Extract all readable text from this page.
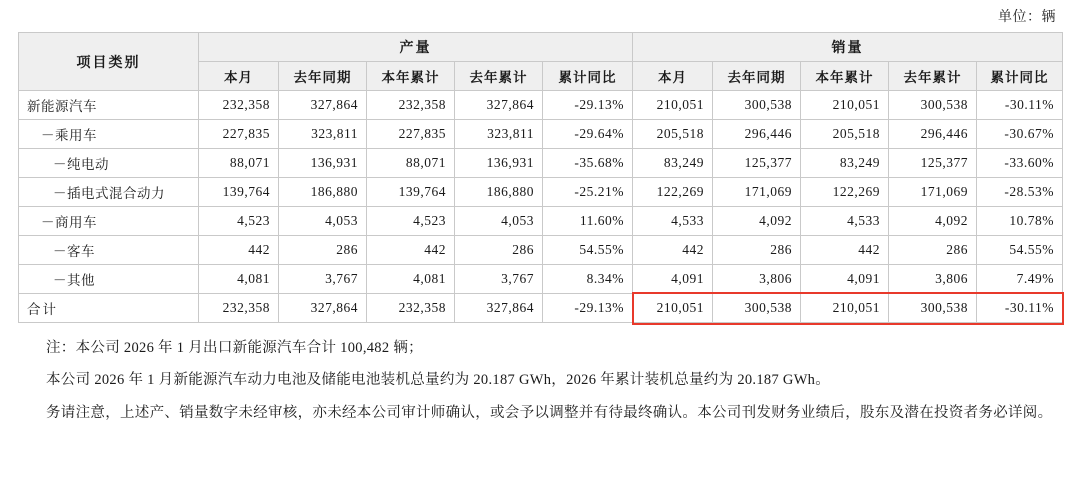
单位：辆
项目类别	产量					销量				
	本月	去年同期	本年累计	去年累计	累计同比	本月	去年同期	本年累计	去年累计	累计同比
新能源汽车	232,358	327,864	232,358	327,864	-29.13%	210,051	300,538	210,051	300,538	-30.11%
－乘用车	227,835	323,811	227,835	323,811	-29.64%	205,518	296,446	205,518	296,446	-30.67%
－纯电动	88,071	136,931	88,071	136,931	-35.68%	83,249	125,377	83,249	125,377	-33.60%
－插电式混合动力	139,764	186,880	139,764	186,880	-25.21%	122,269	171,069	122,269	171,069	-28.53%
－商用车	4,523	4,053	4,523	4,053	11.60%	4,533	4,092	4,533	4,092	10.78%
－客车	442	286	442	286	54.55%	442	286	442	286	54.55%
－其他	4,081	3,767	4,081	3,767	8.34%	4,091	3,806	4,091	3,806	7.49%
合计	232,358	327,864	232,358	327,864	-29.13%	210,051	300,538	210,051	300,538	-30.11%

注：本公司 2026 年 1 月出口新能源汽车合计 100,482 辆；

本公司 2026 年 1 月新能源汽车动力电池及储能电池装机总量约为 20.187 GWh，2026 年累计装机总量约为 20.187 GWh。

务请注意，上述产、销量数字未经审核，亦未经本公司审计师确认，或会予以调整并有待最终确认。本公司刊发财务业绩后，股东及潜在投资者务必详阅。
